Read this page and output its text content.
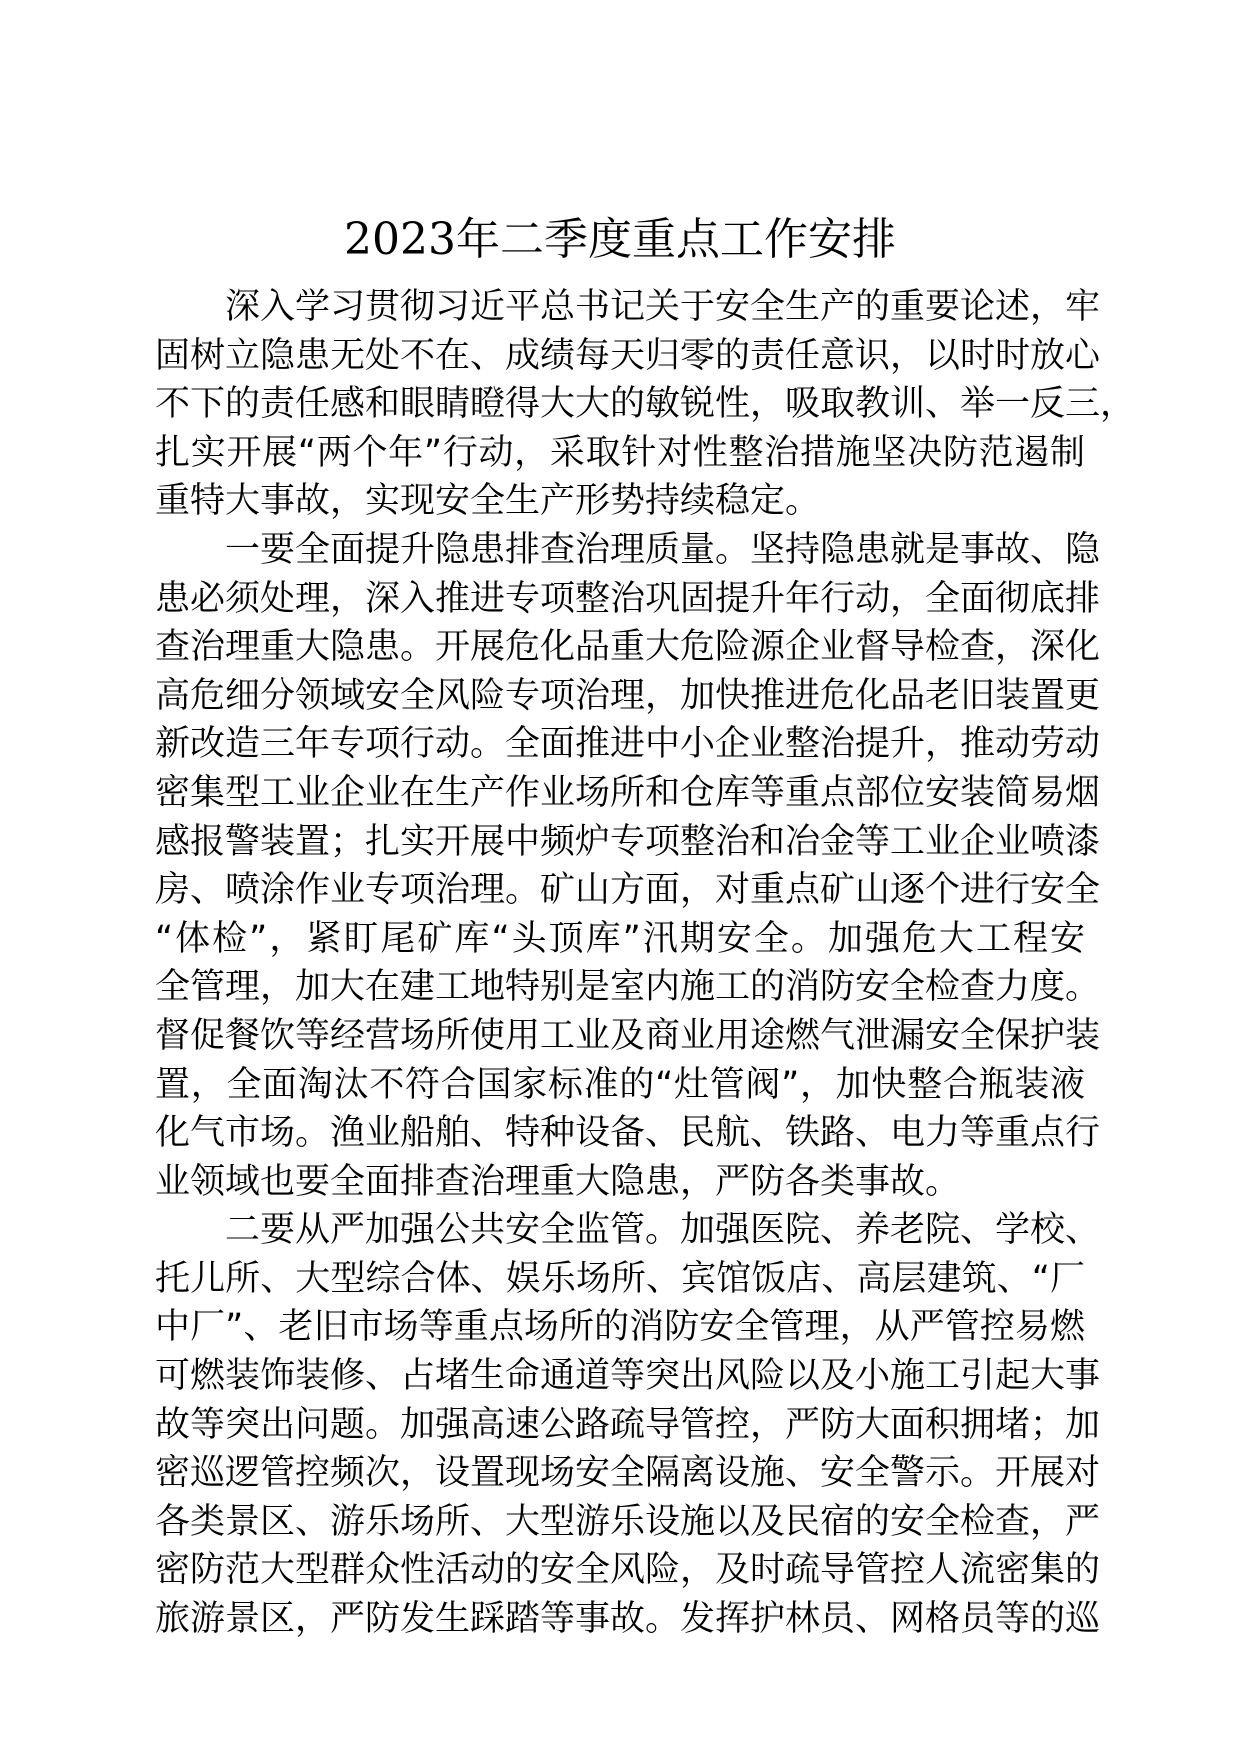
2023年二季度重点工作安排
深入学习贯彻习近平总书记关于安全生产的重要论述，牢
固树立隐患无处不在、成绩每天归零的责任意识，以时时放心
不下的责任感和眼睛瞪得大大的敏锐性，吸取教训、举一反三，
扎实开展“两个年”行动，采取针对性整治措施坚决防范遏制
重特大事故，实现安全生产形势持续稳定。
一要全面提升隐患排查治理质量。坚持隐患就是事故、隐
患必须处理，深入推进专项整治巩固提升年行动，全面彻底排
查治理重大隐患。开展危化品重大危险源企业督导检查，深化
高危细分领域安全风险专项治理，加快推进危化品老旧装置更
新改造三年专项行动。全面推进中小企业整治提升，推动劳动
密集型工业企业在生产作业场所和仓库等重点部位安装简易烟
感报警装置；扎实开展中频炉专项整治和冶金等工业企业喷漆
房、喷涂作业专项治理。矿山方面，对重点矿山逐个进行安全
“体检”，紧盯尾矿库“头顶库”汛期安全。加强危大工程安
全管理，加大在建工地特别是室内施工的消防安全检查力度。
督促餐饮等经营场所使用工业及商业用途燃气泄漏安全保护装
置，全面淘汰不符合国家标准的“灶管阀”，加快整合瓶装液
化气市场。渔业船舶、特种设备、民航、铁路、电力等重点行
业领域也要全面排查治理重大隐患，严防各类事故。
二要从严加强公共安全监管。加强医院、养老院、学校、
托儿所、大型综合体、娱乐场所、宾馆饭店、高层建筑、“厂
中厂”、老旧市场等重点场所的消防安全管理，从严管控易燃
可燃装饰装修、占堵生命通道等突出风险以及小施工引起大事
故等突出问题。加强高速公路疏导管控，严防大面积拥堵；加
密巡逻管控频次，设置现场安全隔离设施、安全警示。开展对
各类景区、游乐场所、大型游乐设施以及民宿的安全检查，严
密防范大型群众性活动的安全风险，及时疏导管控人流密集的
旅游景区，严防发生踩踏等事故。发挥护林员、网格员等的巡
